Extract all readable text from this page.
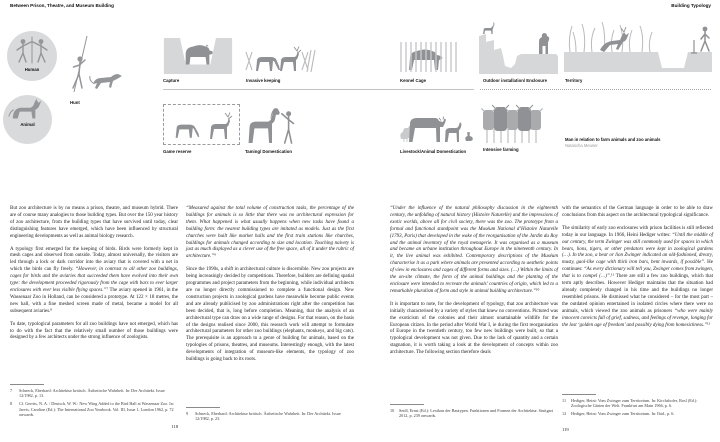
Between Prison, Theatre, and Museum Building	Building Typology
Human
Animal
Hunt
Capture	Invasive keeping	Kennel Cage	Outdoor installation/ Enclosure	Territory
Game reserve	Taming/ Domestication	Livestock/Animal Domestication	Intensive farming
Man in relation to farm animals and zoo animals
Natascha Meuser

But zoo architecture is by no means a prison, theatre, and museum hybrid. There are of course many analogies to those building types. But over the 150 year history of zoo architecture, from the building types that have survived until today, clear distinguishing features have emerged, which have been influenced by structural engineering developments as well as animal biology research.

A typology first emerged for the keeping of birds. Birds were formerly kept in mesh cages and observed from outside. Today, almost universally, the visitors are led through a lock or dark corridor into the aviary that is covered with a net in which the birds can fly freely. “However, in contrast to all other zoo buildings, cages for birds and the aviaries that succeeded them have evolved into their own type: the development proceeded rigorously from the cage with bars to ever larger enclosures with ever less visible flying spaces.”⁷ The aviary opened in 1961, in the Wassenaar Zoo in Holland, can be considered a prototype. At 122 × 18 metres, the new hall, with a fine meshed screen made of metal, became a model for all subsequent aviaries.⁸

To date, typological parameters for all zoo buildings have not emerged, which has to do with the fact that the relatively small number of those buildings were designed by a few architects under the strong influence of zoologists.

“Measured against the total volume of construction tasks, the percentage of the buildings for animals is so little that there was no architectural expression for them. What happened is what usually happens when new tasks have found a building form: the nearest building types are imitated as models. Just as the first churches were built like market halls and the first train stations like churches, buildings for animals changed according to size and location. Touching naivety is just as much displayed as a clever use of the free space, all of it under the rubric of architecture.”⁹

Since the 1990s, a shift in architectural culture is discernible. New zoo projects are being increasingly decided by competitions. Therefore, builders are defining spatial programmes and project parameters from the beginning, while individual architects are no longer directly commissioned to complete a functional design. New construction projects in zoological gardens have meanwhile become public events and are already publicised by zoo administrations right after the competition has been decided, that is, long before completion. Meaning, that the analysis of an architectural type can draw on a wide range of designs. For that reason, on the basis of the designs realised since 2000, this research work will attempt to formulate architectural parameters for other zoo buildings (elephants, monkeys, and big cats). The prerequisite is an approach to a genre of building for animals, based on the typologies of prisons, theatres, and museums. Interestingly enough, with the latest developments of integration of museum-like elements, the typology of zoo buildings is going back to its roots.

“Under the influence of the natural philosophy discussion in the eighteenth century, the unfolding of natural history (Histoire Naturelle) and the impressions of exotic worlds, above all for civil society, there was the zoo. The prototype from a formal and functional standpoint was the Muséum National d’Histoire Naturelle (1793, Paris) that developed in the wake of the reorganisation of the Jardin du Roy and the animal inventory of the royal menagerie. It was organised as a museum and became an urbane institution throughout Europe in the nineteenth century. In it, the live animal was exhibited. Contemporary descriptions of the Muséum characterise it as a park where animals are presented according to aesthetic points of view in enclosures and cages of different forms and sizes. (…) Within the limits of the on-site climate, the form of the animal buildings and the planting of the enclosure were intended to recreate the animals’ countries of origin, which led to a remarkable pluralism of form and style in animal building architecture.”¹⁰

It is important to note, for the development of typology, that zoo architecture was initially characterised by a variety of styles that knew no conventions. Pictured was the exoticism of the colonies and their almost unattainable wildlife for the European citizen. In the period after World War I, ie during the first reorganisation of Europe in the twentieth century, too few new buildings were built, so that a typological development was not given. Due to the lack of quantity and a certain stagnation, it is worth taking a look at the development of concepts within zoo architecture. The following section therefore deals

with the semantics of the German language in order to be able to draw conclusions from this aspect on the architectural typological significance.

The similarity of early zoo enclosures with prison facilities is still reflected today in our language. In 1966, Heini Hediger writes: “Until the middle of our century, the term Zwinger was still commonly used for spaces in which bears, lions, tigers, or other predators were kept in zoological gardens (…). In the zoo, a bear or lion Zwinger indicated an old-fashioned, dreary, musty, gaol-like cage with thick iron bars, bent inwards, if possible”. He continues: “As every dictionary will tell you, Zwinger comes from zwingen, that is to compel (…)”.¹¹ There are still a few zoo buildings, which that term aptly describes. However Hediger maintains that the situation had already completely changed in his time and the buildings no longer resembled prisons. He dismissed what he considered – for the most part – the outdated opinion entertained in isolated circles where there were no animals, which viewed the zoo animals as prisoners “who were mainly innocent convicts full of grief, sadness, and feelings of revenge, longing for the lost ‘golden age of freedom’ and possibly dying from homesickness.”¹²

7	Schneck, Eberhard: Architektur kritisch. Ästhetische Wahrheit. In: Der Architekt. Issue 12/1982, p. 13.
8	Cf. Gerrits, N. A. / Deutsch, W. W.: New Wing Added to the Bird Hall at Wassenaar Zoo. In: Jarvis, Caroline (Ed.): The International Zoo Yearbook. Vol. III, Issue 1, London 1962, p. 72 onwards.	9	Schneck, Eberhard: Architektur kritisch. Ästhetische Wahrheit. In: Der Architekt. Issue 12/1982, p. 23.
10	Seidl, Ernst (Ed.): Lexikon der Bautypen. Funktionen und Formen der Architektur. Stuttgart 2012, p. 239 onwards.
11	Hediger, Heini: Vom Zwinger zum Territorium. In: Kirchshofer, Rosl (Ed.): Zoologische Gärten der Welt. Frankfurt am Main 1966, p. 6.
12	Hediger, Heini: Vom Zwinger zum Territorium. In: Ibid., p. 6.
118
119
